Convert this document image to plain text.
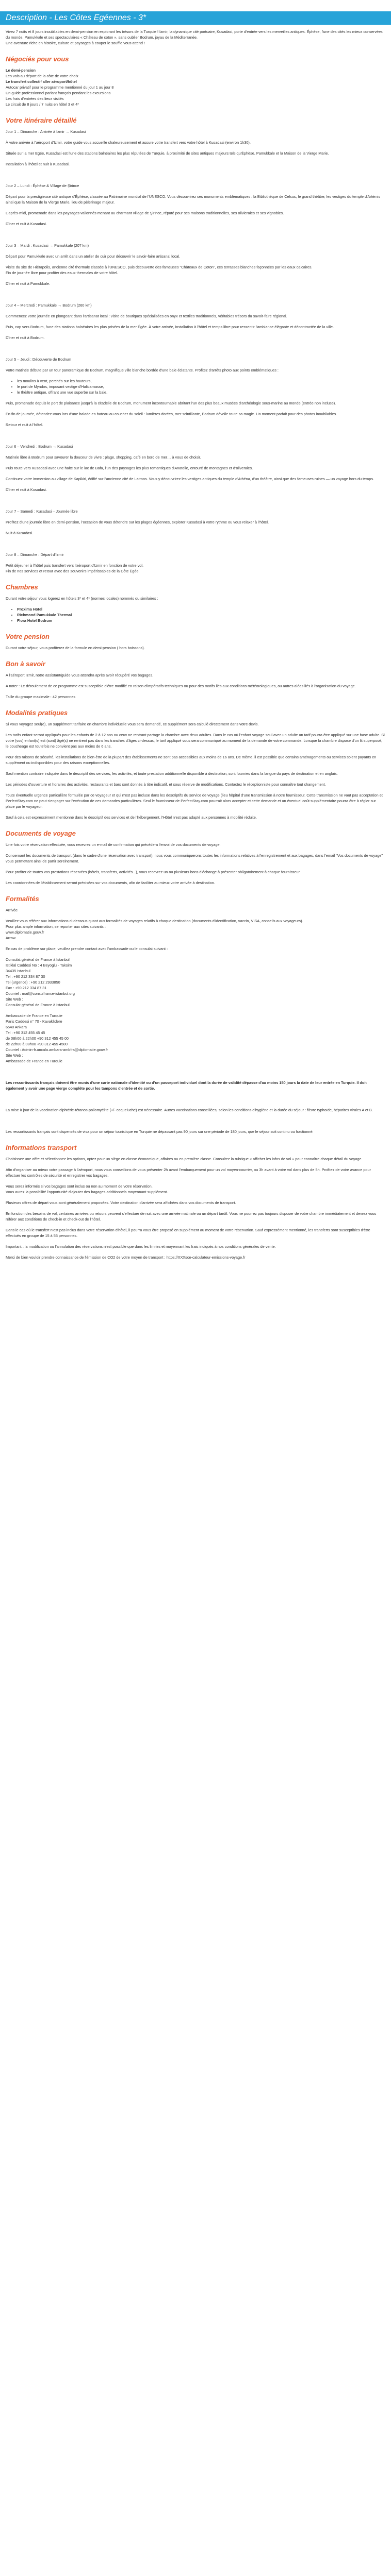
Description - Les Côtes Egéennes - 3*

Vivez 7 nuits et 8 jours inoubliables en demi-pension en explorant les trésors de la Turquie ! Izmir, la dynamique cité portuaire, Kusadasi, porte d'entrée vers les merveilles antiques. Éphèse, l'une des cités les mieux conservées du monde, Pamukkale et ses spectaculaires « Château de coton », sans oublier Bodrum, joyau de la Méditerranée.

Une aventure riche en histoire, culture et paysages à couper le souffle vous attend !

Négociés pour vous
Le demi-pension
Les vols au départ de la côte de votre choix
Le transfert collectif aller aéroport/hôtel
Autocar privatif pour le programme mentionné du jour 1 au jour 8
Un guide professionnel parlant français pendant les excursions
Les frais d'entrées des lieux visités
Le circuit de 8 jours / 7 nuits en hôtel 3 et 4*
Votre itinéraire détaillé

Jour 1 – Dimanche : Arrivée à Izmir → Kusadasi

À votre arrivée à l'aéroport d'Izmir, votre guide vous accueille chaleureusement et assure votre transfert vers votre hôtel à Kusadasi (environ 1h30).

Située sur la mer Egée, Kusadasi est l'une des stations balnéaires les plus réputées de Turquie, à proximité de sites antiques majeurs tels qu'Éphèse, Pamukkale et la Maison de la Vierge Marie.

Installation à l'hôtel et nuit à Kusadasi.

Jour 2 – Lundi : Éphèse & Village de Şirince

Départ pour la prestigieuse cité antique d'Éphèse, classée au Patrimoine mondial de l'UNESCO. Vous découvrirez ses monuments emblématiques : la Bibliothèque de Celsus, le grand théâtre, les vestiges du temple d'Artémis ainsi que la Maison de la Vierge Marie, lieu de pèlerinage majeur.

L'après-midi, promenade dans les paysages vallonnés menant au charmant village de Şirince, réputé pour ses maisons traditionnelles, ses olivieraies et ses vignobles.

Dîner et nuit à Kusadasi.

Jour 3 – Mardi : Kusadasi → Pamukkale (207 km)

Départ pour Pamukkale avec un arrêt dans un atelier de cuir pour découvrir le savoir-faire artisanal local.

Visite du site de Hiérapolis, ancienne cité thermale classée à l'UNESCO, puis découverte des fameuses "Châteaux de Coton", ces terrasses blanches façonnées par les eaux calcaires.
Fin de journée libre pour profiter des eaux thermales de votre hôtel.

Dîner et nuit à Pamukkale.

Jour 4 – Mercredi : Pamukkale → Bodrum (260 km)

Commencez votre journée en plongeant dans l'artisanat local : visite de boutiques spécialisées en onyx et textiles traditionnels, véritables trésors du savoir-faire régional.

Puis, cap vers Bodrum, l'une des stations balnéaires les plus prisées de la mer Égée. À votre arrivée, installation à l'hôtel et temps libre pour ressentir l'ambiance élégante et décontractée de la ville.

Dîner et nuit à Bodrum.

Jour 5 – Jeudi : Découverte de Bodrum

Votre matinée débute par un tour panoramique de Bodrum, magnifique ville blanche bordée d'une baie éclatante. Profitez d'arrêts photo aux points emblématiques :

• les moulins à vent, perchés sur les hauteurs,
• le port de Myndos, imposant vestige d'Halicarnasse,
• le théâtre antique, offrant une vue superbe sur la baie.

Puis, promenade depuis le port de plaisance jusqu'à la citadelle de Bodrum, monument incontournable abritant l'un des plus beaux musées d'archéologie sous-marine au monde (entrée non incluse).

En fin de journée, détendez-vous lors d'une balade en bateau au coucher du soleil : lumières dorées, mer scintillante, Bodrum dévoile toute sa magie. Un moment parfait pour des photos inoubliables.

Retour et nuit à l'hôtel.

Jour 6 – Vendredi : Bodrum → Kusadasi

Matinée libre à Bodrum pour savourer la douceur de vivre : plage, shopping, café en bord de mer… à vous de choisir.

Puis route vers Kusadasi avec une halte sur le lac de Bafa, l'un des paysages les plus romantiques d'Anatolie, entouré de montagnes et d'oliveraies.

Continuez votre immersion au village de Kapikiri, édifié sur l'ancienne cité de Latmos. Vous y découvrirez les vestiges antiques du temple d'Athéna, d'un théâtre, ainsi que des fameuses ruines — un voyage hors du temps.

Dîner et nuit à Kusadasi.

Jour 7 – Samedi : Kusadasi – Journée libre

Profitez d'une journée libre en demi-pension, l'occasion de vous détendre sur les plages égéennes, explorer Kusadasi à votre rythme ou vous relaxer à l'hôtel.

Nuit à Kusadasi.

Jour 8 – Dimanche : Départ d'Izmir

Petit déjeuner à l'hôtel puis transfert vers l'aéroport d'Izmir en fonction de votre vol.
Fin de nos services et retour avec des souvenirs impérissables de la Côte Égée.

Chambres

Durant votre séjour vous logerez en hôtels 3* et 4* (normes locales) nommés ou similaires :

• Proxima Hotel
• Richmond Pamukkale Thermal
• Flora Hotel Bodrum
Votre pension

Durant votre séjour, vous profiterez de la formule en demi-pension ( hors boissons).

Bon à savoir

A l'aéroport Izmir, notre assistant/guide vous attendra après avoir récupéré vos bagages.

A noter : Le déroulement de ce programme est susceptible d'être modifié en raison d'impératifs techniques ou pour des motifs liés aux conditions météorologiques, ou autres aléas liés à l'organisation du voyage.

Taille du groupe maximale : 42 personnes

Modalités pratiques

Si vous voyagez seul(e), un supplément tarifaire en chambre individuelle vous sera demandé, ce supplément sera calculé directement dans votre devis.

Les tarifs enfant seront appliqués pour les enfants de 2 à 12 ans ou ceux ne rentrant partage la chambre avec deux adultes. Dans le cas où l'enfant voyage seul avec un adulte un tarif pourra être appliqué sur une base adulte. Si votre (vos) enfant(s) est (sont) âgé(s) ne rentrent pas dans les tranches d'âges ci-dessus, le tarif appliqué vous sera communiqué au moment de la demande de votre commande. Lorsque la chambre dispose d'un lit superposé, le coucheage est toutefois ne convient pas aux moins de 6 ans.

Pour des raisons de sécurité, les installations de bien-être de la plupart des établissements ne sont pas accessibles aux moins de 16 ans. De même, il est possible que certains aménagements ou services soient payants en supplément ou indisponibles pour des raisons exceptionnelles.

Sauf mention contraire indiquée dans le descriptif des services, les activités, et toute prestation additionnelle disponible à destination, sont fournies dans la langue du pays de destination et en anglais.

Les périodes d'ouverture et horaires des activités, restaurants et bars sont donnés à titre indicatif, et sous réserve de modifications. Contactez le réceptionniste pour connaître tout changement.

Toute éventuelle urgence particulière formulée par ce voyageur et qui n'est pas incluse dans les descriptifs du service de voyage (lieu hôpital d'une transmission à notre fournisseur. Cette transmission ne vaut pas acceptation et PerfectStay.com ne peut s'engager sur l'exécution de ces demandes particulières. Seul le fournisseur de PerfectStay.com pourrait alors accepter et cette demande et un éventuel coût supplémentaire pourra être à régler sur place par le voyageur.

Sauf à cela est expressément mentionné dans le descriptif des services et de l'hébergement, l'Hôtel n'est pas adapté aux personnes à mobilité réduite.

Documents de voyage

Une fois votre réservation effectuée, vous recevrez un e-mail de confirmation qui précédera l'envoi de vos documents de voyage.

Concernant les documents de transport (dans le cadre d'une réservation avec transport), nous vous communiquerons toutes les informations relatives à l'enregistrement et aux bagages, dans l'email "Vos documents de voyage" vous permettant ainsi de partir sereinement.

Pour profiter de toutes vos prestations réservées (hôtels, transferts, activités...), vous recevrez un ou plusieurs bons d'échange à présenter obligatoirement à chaque fournisseur.

Les coordonnées de l'établissement seront précisées sur vos documents, afin de faciliter au mieux votre arrivée à destination.

Formalités

Arrivée

Veuillez vous référer aux informations ci-dessous quant aux formalités de voyages relatifs à chaque destination (documents d'identification, vaccin, VISA, conseils aux voyageurs).
Pour plus ample information, se reporter aux sites suivants :
www.diplomatie.gouv.fr
Arrow

En cas de problème sur place, veuillez prendre contact avec l'ambassade ou le consulat suivant :

Consulat général de France à Istanbul
Istiklal Caddesi No : 4 Beyoglu - Taksim
34435 Istanbul
Tel : +90 212 334 87 30
Tel (urgence) : +90 212 2933850
Fax : +90 212 334 87 31
Courriel : mail@consulfrance-istanbul.org
Site Web :
Consulat général de France à Istanbul

Ambassade de France en Turquie
Paris Caddesi n° 70 - Kavaklıdere
6540 Ankara
Tel : +90 312 455 45 45
de 08h00 à 22h00 +90 312 455 45 00
de 22h00 à 08h00 +90 312 455 4500
Courriel : Admin-fr.ancala.ambara-ambfra@diplomatie.gouv.fr
Site Web :
Ambassade de France en Turquie

Les ressortissants français doivent être munis d'une carte nationale d'identité ou d'un passeport individuel dont la durée de validité dépasse d'au moins 150 jours la date de leur entrée en Turquie. Il doit également y avoir une page vierge complète pour les tampons d'entrée et de sortie.

La mise à jour de la vaccination diphtérie-tétanos-poliomyélite (+/- coqueluche) est nécessaire. Autres vaccinations conseillées, selon les conditions d'hygiène et la durée du séjour : fièvre typhoïde, hépatites virales A et B.

Les ressortissants français sont dispensés de visa pour un séjour touristique en Turquie ne dépassant pas 90 jours sur une période de 180 jours, que le séjour soit continu ou fractionné.

Informations transport

Choisissez une offre et sélectionnez les options, optez pour un siège en classe économique, affaires ou en première classe. Consultez la rubrique « afficher les infos de vol » pour connaître chaque détail du voyage.

Afin d'organiser au mieux votre passage à l'aéroport, nous vous conseillons de vous présenter 2h avant l'embarquement pour un vol moyen-courrier, ou 3h avant à votre vol dans plus de 5h. Profitez de votre avance pour effectuer les contrôles de sécurité et enregistrer vos bagages.

Vous serez informés si vos bagages sont inclus ou non au moment de votre réservation.
Vous aurez la possibilité l'opportunité d'ajouter des bagages additionnels moyennant supplément.

Plusieurs offres de départ vous sont généralement proposées. Votre destination d'arrivée sera affichées dans vos documents de transport.

En fonction des besoins de vol, certaines arrivées ou retours peuvent s'effectuer de nuit avec une arrivée matinale ou un départ tardif. Vous ne pourrez pas toujours disposer de votre chambre immédiatement et devrez vous référer aux conditions de check-in et check-out de l'hôtel.

Dans le cas où le transfert n'est pas inclus dans votre réservation d'hôtel, il pourra vous être proposé en supplément au moment de votre réservation. Sauf expressément mentionné, les transferts sont susceptibles d'être effectués en groupe de 15 à 55 personnes.

Important : la modification ou l'annulation des réservations n'est possible que dans les limites et moyennant les frais indiqués à nos conditions générales de vente.

Merci de bien vouloir prendre connaissance de l'émission de CO2 de votre moyen de transport : https://XXXsce-calculateur-emissions-voyage.fr
